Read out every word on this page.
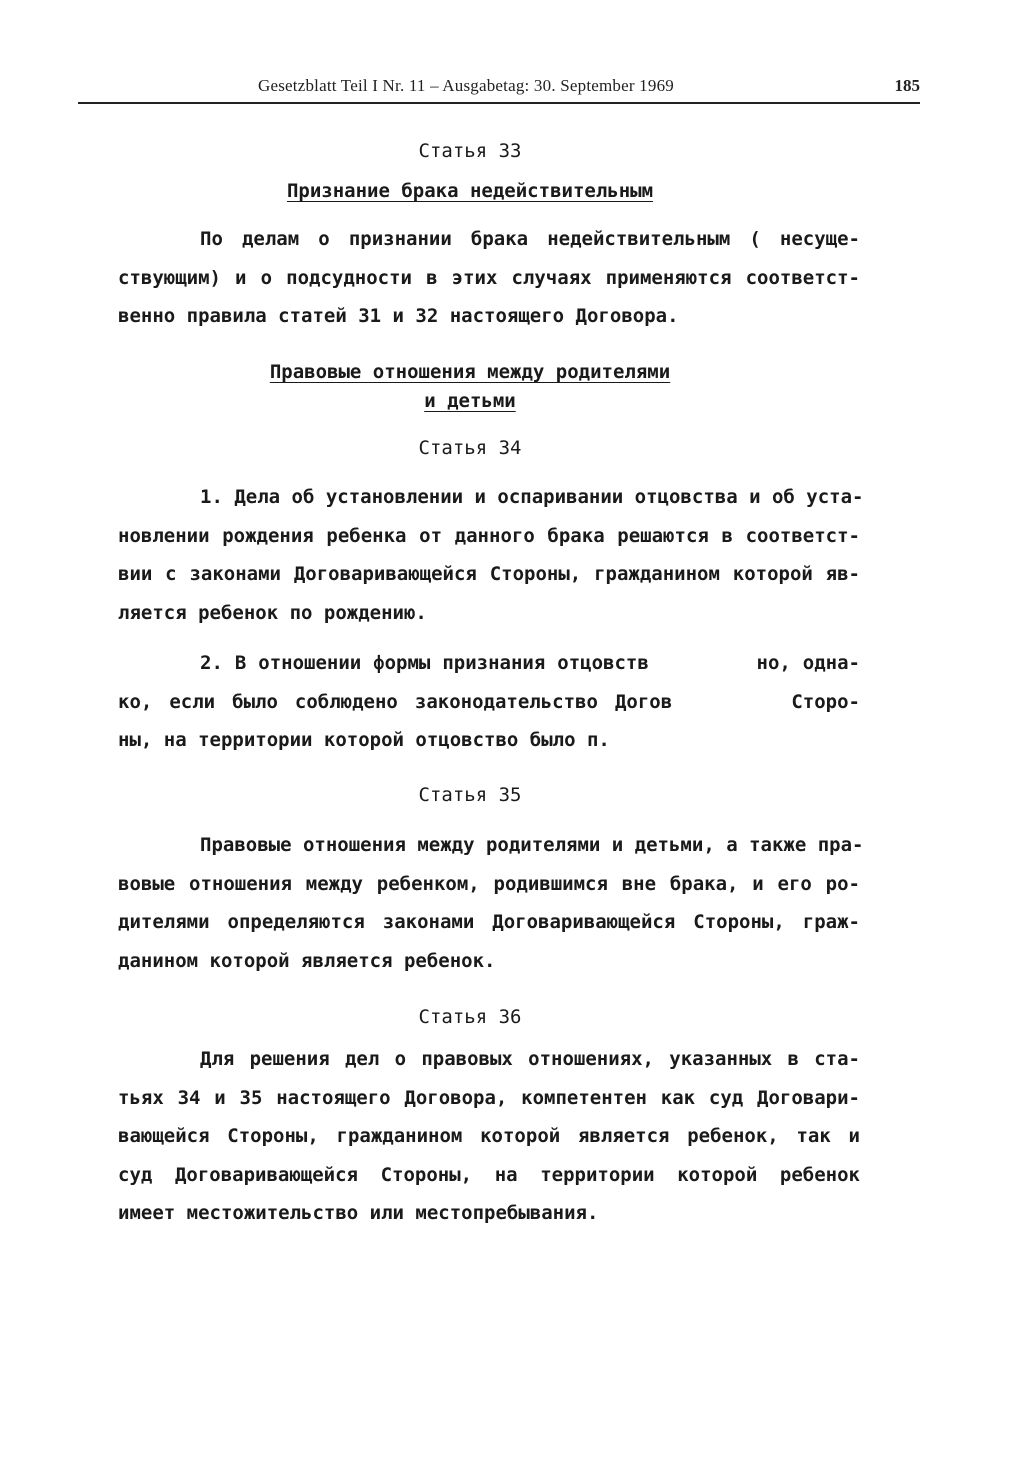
Gesetzblatt Teil I Nr. 11 – Ausgabetag: 30. September 1969	185
Статья 33
Признание брака недействительным
По делам о признании брака недействительным ( несуще-
ствующим) и о подсудности в этих случаях применяются соответст-
венно правила статей 31 и 32 настоящего Договора.
Правовые отношения между родителями
и детьми
Статья 34
1. Дела об установлении и оспаривании отцовства и об уста-
новлении рождения ребенка от данного брака решаются в соответст-
вии с законами Договаривающейся Стороны, гражданином которой яв-
ляется ребенок по рождению.
2. В отношении формы признания отцовств         но, одна-
ко, если было соблюдено законодательство Догов       Сторо-
ны, на территории которой отцовство было п.
Статья 35
Правовые отношения между родителями и детьми, а также пра-
вовые отношения между ребенком, родившимся вне брака, и его ро-
дителями определяются законами Договаривающейся Стороны, граж-
данином которой является ребенок.
Статья 36
Для решения дел о правовых отношениях, указанных в ста-
тьях 34 и 35 настоящего Договора, компетентен как суд Договари-
вающейся Стороны, гражданином которой является ребенок, так и
суд Договаривающейся Стороны, на территории которой ребенок
имеет местожительство или местопребывания.
